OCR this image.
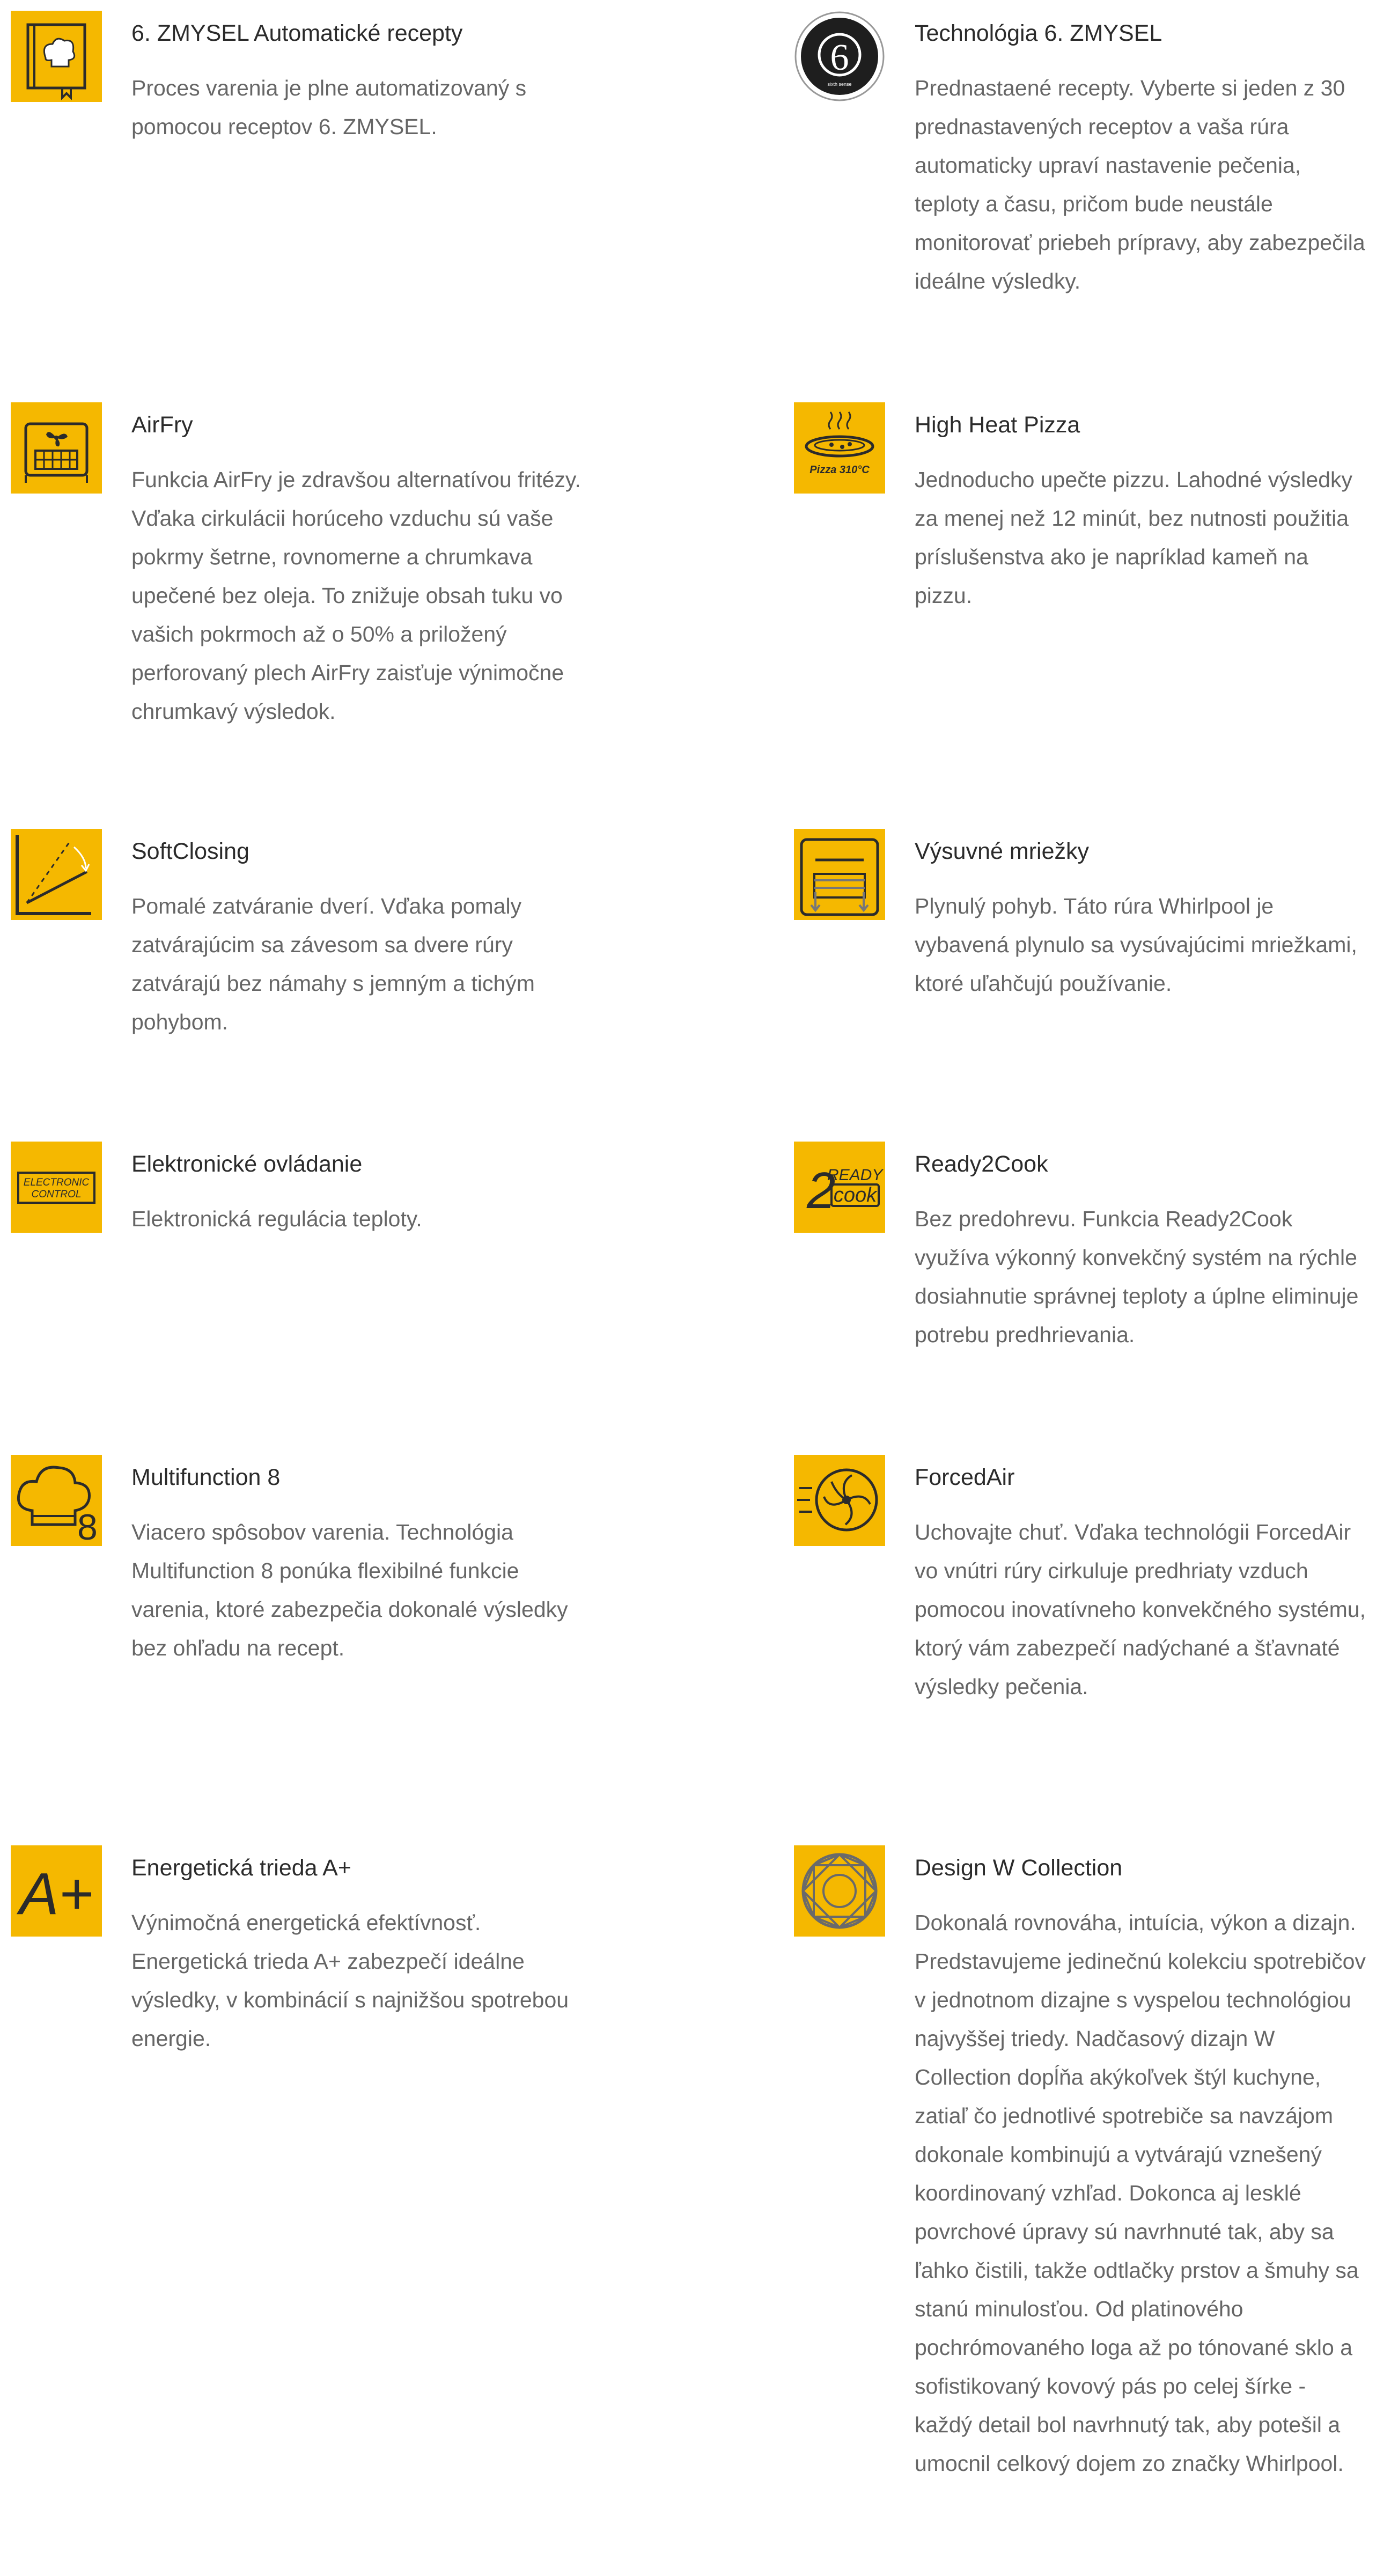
6. ZMYSEL Automatické recepty

Proces varenia je plne automatizovaný s pomocou receptov 6. ZMYSEL.

6
sixth sense
Technológia 6. ZMYSEL

Prednastaené recepty. Vyberte si jeden z 30 prednastavených receptov a vaša rúra automaticky upraví nastavenie pečenia, teploty a času, pričom bude neustále monitorovať priebeh prípravy, aby zabezpečila ideálne výsledky.

AirFry

Funkcia AirFry je zdravšou alternatívou fritézy. Vďaka cirkulácii horúceho vzduchu sú vaše pokrmy šetrne, rovnomerne a chrumkava upečené bez oleja. To znižuje obsah tuku vo vašich pokrmoch až o 50% a priložený perforovaný plech AirFry zaisťuje výnimočne chrumkavý výsledok.

Pizza 310°C
High Heat Pizza

Jednoducho upečte pizzu. Lahodné výsledky za menej než 12 minút, bez nutnosti použitia príslušenstva ako je napríklad kameň na pizzu.

SoftClosing

Pomalé zatváranie dverí. Vďaka pomaly zatvárajúcim sa závesom sa dvere rúry zatvárajú bez námahy s jemným a tichým pohybom.

Výsuvné mriežky

Plynulý pohyb. Táto rúra Whirlpool je vybavená plynulo sa vysúvajúcimi mriežkami, ktoré uľahčujú používanie.

ELECTRONIC CONTROL
Elektronické ovládanie

Elektronická regulácia teploty.	2
READY
cook
Ready2Cook

Bez predohrevu. Funkcia Ready2Cook využíva výkonný konvekčný systém na rýchle dosiahnutie správnej teploty a úplne eliminuje potrebu predhrievania.

8
Multifunction 8

Viacero spôsobov varenia. Technológia Multifunction 8 ponúka flexibilné funkcie varenia, ktoré zabezpečia dokonalé výsledky bez ohľadu na recept.

ForcedAir

Uchovajte chuť. Vďaka technológii ForcedAir vo vnútri rúry cirkuluje predhriaty vzduch pomocou inovatívneho konvekčného systému, ktorý vám zabezpečí nadýchané a šťavnaté výsledky pečenia.

A+ Energetická trieda A+

Výnimočná energetická efektívnosť. Energetická trieda A+ zabezpečí ideálne výsledky, v kombinácií s najnižšou spotrebou energie.

Design W Collection

Dokonalá rovnováha, intuícia, výkon a dizajn. Predstavujeme jedinečnú kolekciu spotrebičov v jednotnom dizajne s vyspelou technológiou najvyššej triedy. Nadčasový dizajn W Collection dopĺňa akýkoľvek štýl kuchyne, zatiaľ čo jednotlivé spotrebiče sa navzájom dokonale kombinujú a vytvárajú vznešený koordinovaný vzhľad. Dokonca aj lesklé povrchové úpravy sú navrhnuté tak, aby sa ľahko čistili, takže odtlačky prstov a šmuhy sa stanú minulosťou. Od platinového pochrómovaného loga až po tónované sklo a sofistikovaný kovový pás po celej šírke - každý detail bol navrhnutý tak, aby potešil a umocnil celkový dojem zo značky Whirlpool.
